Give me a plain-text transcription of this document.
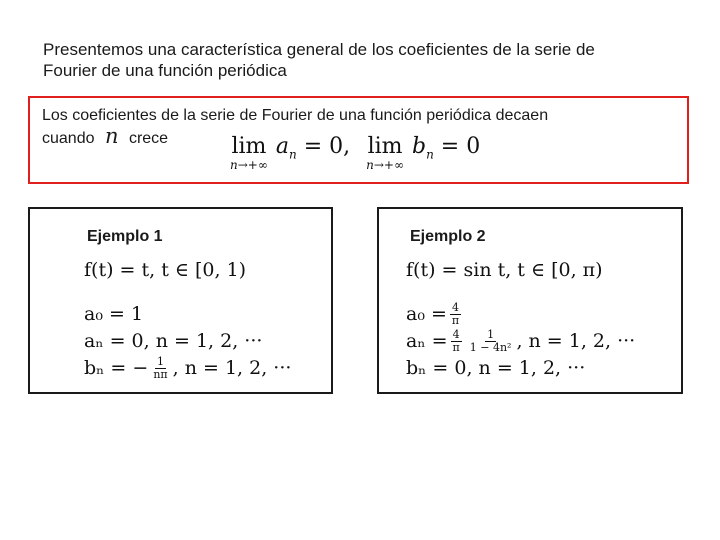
Presentemos una característica general de los coeficientes de la serie de
Fourier de una función periódica
Los coeficientes de la serie de Fourier de una función periódica decaen
cuando n crece	lim
n→+∞
$a_n = 0$, lim
n→+∞
$b_n = 0$
Ejemplo 1
f(t) = t, t ∈ [0, 1)
a₀ = 1
aₙ = 0, n = 1, 2, ···
bₙ = − $\frac{1}{n\pi}$ , n = 1, 2, ···
Ejemplo 2
f(t) = sin t, t ∈ [0, π)
$a_0 = \frac{4}{\pi}$
$a_n = \frac{4}{\pi} \frac{1}{\text{1 − 4n²}}$ , n = 1, 2, ···
bₙ = 0, n = 1, 2, ···
